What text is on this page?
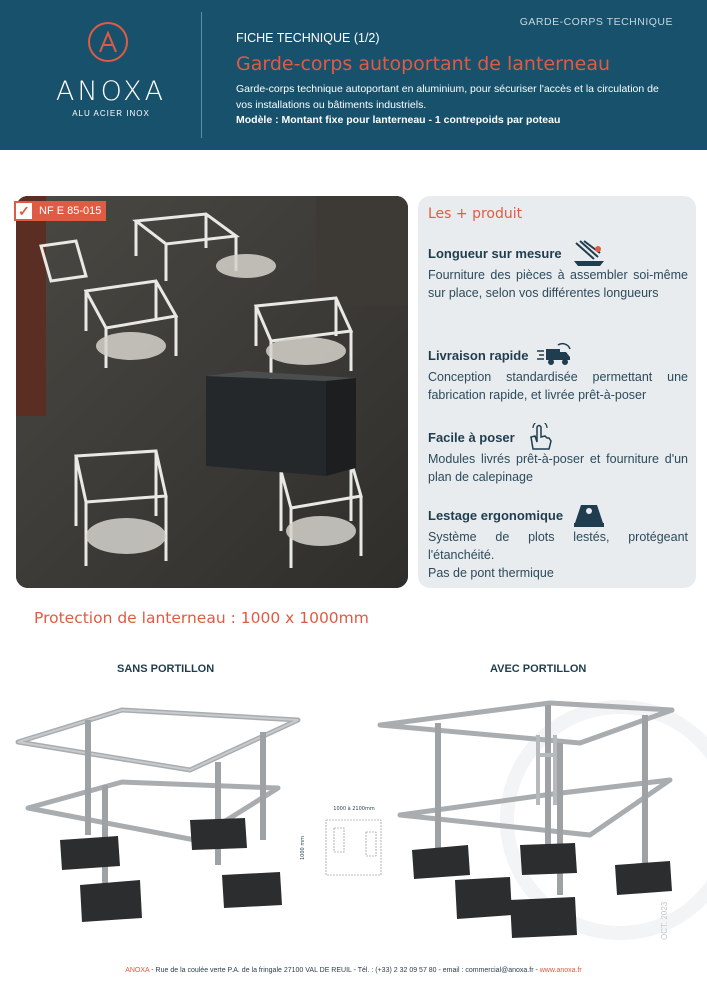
ANOXA
ALU ACIER INOX
GARDE-CORPS TECHNIQUE
FICHE TECHNIQUE (1/2)
Garde-corps autoportant de lanterneau
Garde-corps technique autoportant en aluminium, pour sécuriser l'accès et la circulation de vos installations ou bâtiments industriels.
Modèle : Montant fixe pour lanterneau - 1 contrepoids par poteau
✓ NF E 85-015	Les + produit
Longueur sur mesure
Fourniture des pièces à assembler soi-même sur place, selon vos différentes longueurs
Livraison rapide
Conception standardisée permettant une fabrication rapide, et livrée prêt-à-poser
Facile à poser
Modules livrés prêt-à-poser et fourniture d'un plan de calepinage
Lestage ergonomique
Système de plots lestés, protégeant l'étanchéité.
Pas de pont thermique
Protection de lanterneau : 1000 x 1000mm
SANS PORTILLON	AVEC PORTILLON
1000 à 2100mm
1000 mm
OCT. 2023
ANOXA - Rue de la coulée verte P.A. de la fringale 27100 VAL DE REUIL - Tél. : (+33) 2 32 09 57 80 - email : commercial@anoxa.fr - www.anoxa.fr
